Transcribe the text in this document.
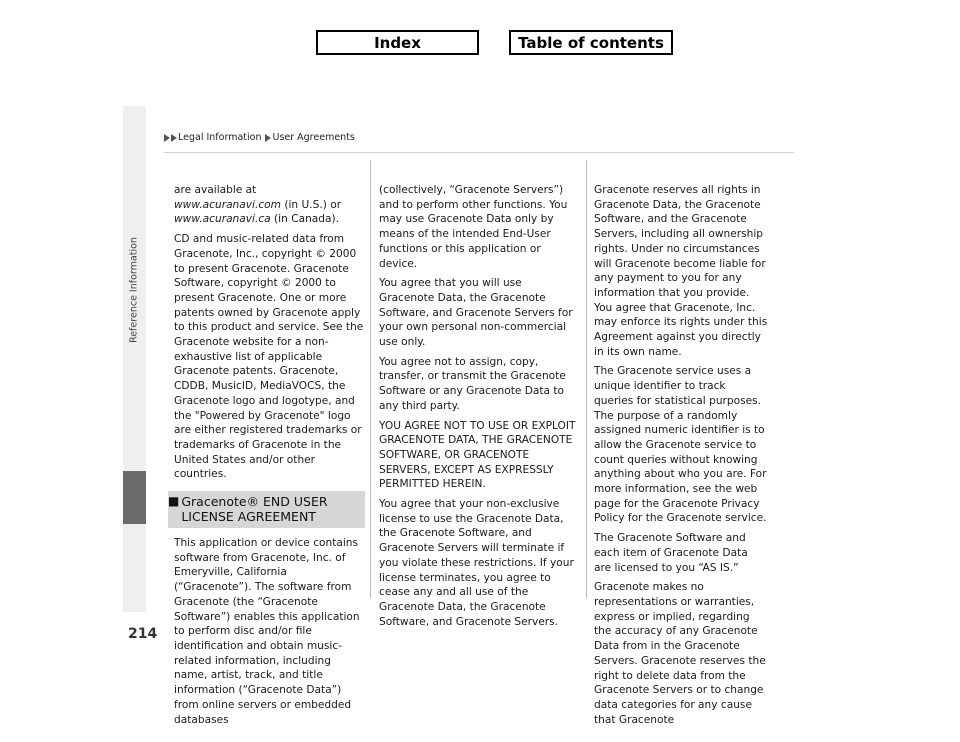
Index	Table of contents
Legal Information User Agreements
Reference Information
214

are available at www.acuranavi.com (in U.S.) or www.acuranavi.ca (in Canada).

CD and music-related data from Gracenote, Inc., copyright © 2000 to present Gracenote. Gracenote Software, copyright © 2000 to present Gracenote. One or more patents owned by Gracenote apply to this product and service. See the Gracenote website for a non-exhaustive list of applicable Gracenote patents. Gracenote, CDDB, MusicID, MediaVOCS, the Gracenote logo and logotype, and the "Powered by Gracenote" logo are either registered trademarks or trademarks of Gracenote in the United States and/or other countries.

■ Gracenote® END USER LICENSE AGREEMENT

This application or device contains software from Gracenote, Inc. of Emeryville, California (“Gracenote”). The software from Gracenote (the “Gracenote Software”) enables this application to perform disc and/or file identification and obtain music- related information, including name, artist, track, and title information (“Gracenote Data”) from online servers or embedded databases

(collectively, “Gracenote Servers”) and to perform other functions. You may use Gracenote Data only by means of the intended End-User functions or this application or device.

You agree that you will use Gracenote Data, the Gracenote Software, and Gracenote Servers for your own personal non-commercial use only.

You agree not to assign, copy, transfer, or transmit the Gracenote Software or any Gracenote Data to any third party.

YOU AGREE NOT TO USE OR EXPLOIT GRACENOTE DATA, THE GRACENOTE SOFTWARE, OR GRACENOTE SERVERS, EXCEPT AS EXPRESSLY PERMITTED HEREIN.

You agree that your non-exclusive license to use the Gracenote Data, the Gracenote Software, and Gracenote Servers will terminate if you violate these restrictions. If your license terminates, you agree to cease any and all use of the Gracenote Data, the Gracenote Software, and Gracenote Servers.

Gracenote reserves all rights in Gracenote Data, the Gracenote Software, and the Gracenote Servers, including all ownership rights. Under no circumstances will Gracenote become liable for any payment to you for any information that you provide. You agree that Gracenote, Inc. may enforce its rights under this Agreement against you directly in its own name.

The Gracenote service uses a unique identifier to track queries for statistical purposes. The purpose of a randomly assigned numeric identifier is to allow the Gracenote service to count queries without knowing anything about who you are. For more information, see the web page for the Gracenote Privacy Policy for the Gracenote service.

The Gracenote Software and each item of Gracenote Data are licensed to you “AS IS.”

Gracenote makes no representations or warranties, express or implied, regarding the accuracy of any Gracenote Data from in the Gracenote Servers. Gracenote reserves the right to delete data from the Gracenote Servers or to change data categories for any cause that Gracenote
